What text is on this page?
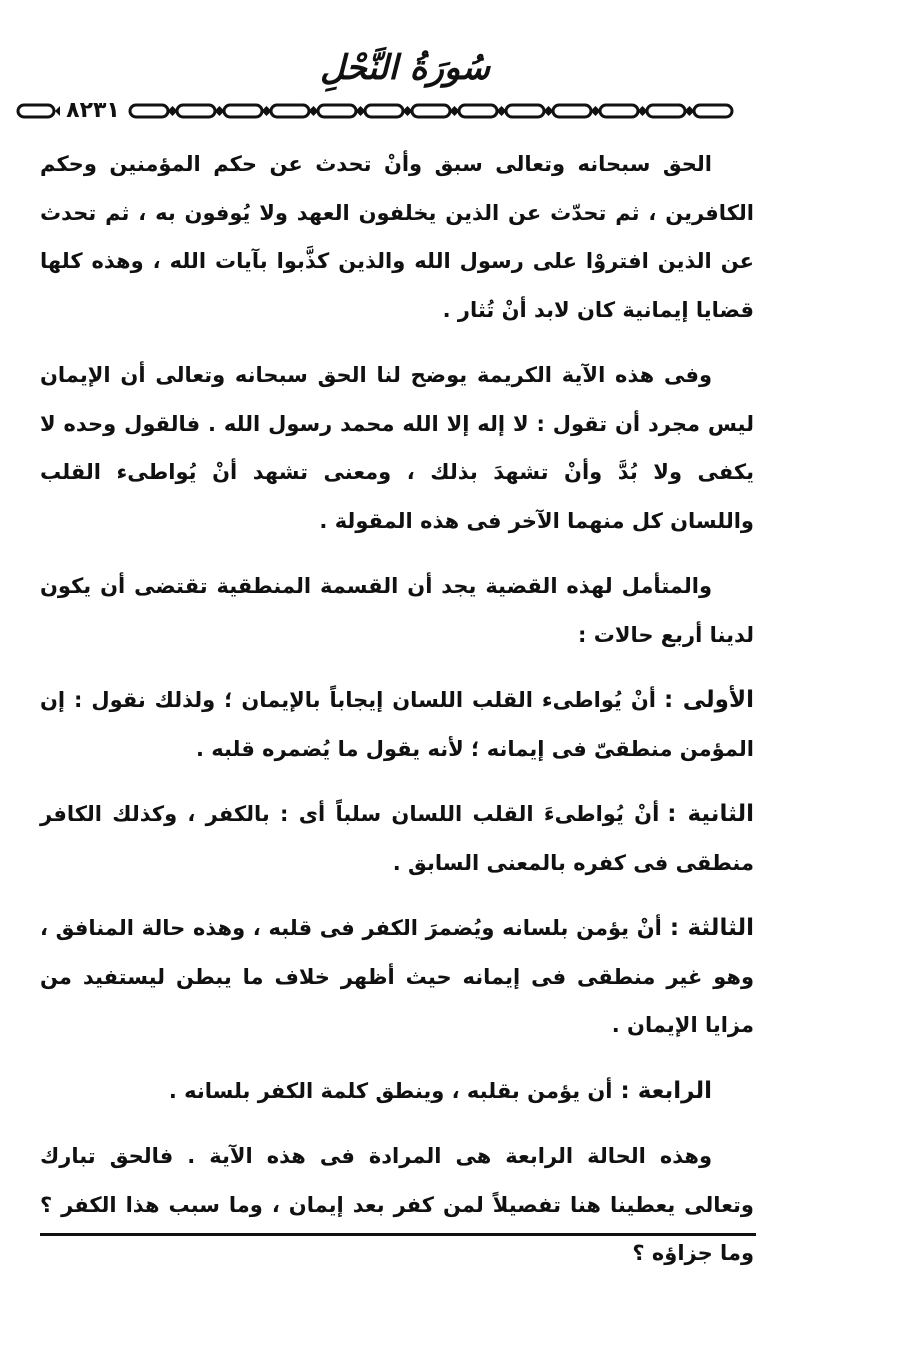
سُورَةُ النَّحْلِ
٨٢٣١

الحق سبحانه وتعالى سبق وأنْ تحدث عن حكم المؤمنين وحكم الكافرين ، ثم تحدّث عن الذين يخلفون العهد ولا يُوفون به ، ثم تحدث عن الذين افتروْا على رسول الله والذين كذَّبوا بآيات الله ، وهذه كلها قضايا إيمانية كان لابد أنْ تُثار .

وفى هذه الآية الكريمة يوضح لنا الحق سبحانه وتعالى أن الإيمان ليس مجرد أن تقول : لا إله إلا الله محمد رسول الله . فالقول وحده لا يكفى ولا بُدَّ وأنْ تشهدَ بذلك ، ومعنى تشهد أنْ يُواطىء القلب واللسان كل منهما الآخر فى هذه المقولة .

والمتأمل لهذه القضية يجد أن القسمة المنطقية تقتضى أن يكون لدينا أربع حالات :

الأولى :أنْ يُواطىء القلب اللسان إيجاباً بالإيمان ؛ ولذلك نقول : إن المؤمن منطقىّ فى إيمانه ؛ لأنه يقول ما يُضمره قلبه .

الثانية :أنْ يُواطىءَ القلب اللسان سلباً أى : بالكفر ، وكذلك الكافر منطقى فى كفره بالمعنى السابق .

الثالثة :أنْ يؤمن بلسانه ويُضمرَ الكفر فى قلبه ، وهذه حالة المنافق ، وهو غير منطقى فى إيمانه حيث أظهر خلاف ما يبطن ليستفيد من مزايا الإيمان .

الرابعة :أن يؤمن بقلبه ، وينطق كلمة الكفر بلسانه .

وهذه الحالة الرابعة هى المرادة فى هذه الآية . فالحق تبارك وتعالى يعطينا هنا تفصيلاً لمن كفر بعد إيمان ، وما سبب هذا الكفر ؟ وما جزاؤه ؟
